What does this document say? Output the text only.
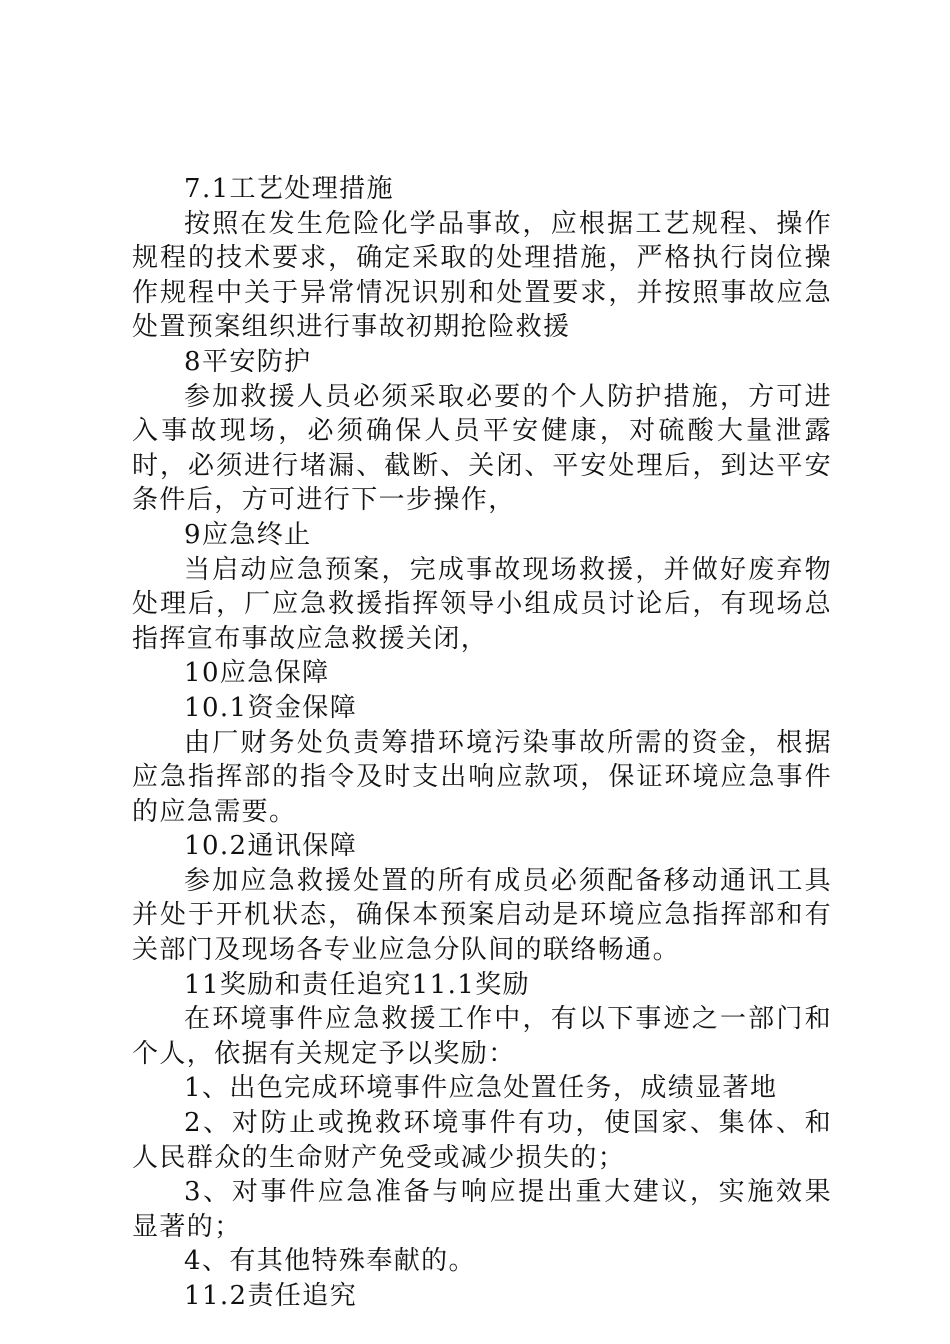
7.1工艺处理措施

按照在发生危险化学品事故，应根据工艺规程、操作规程的技术要求，确定采取的处理措施，严格执行岗位操作规程中关于异常情况识别和处置要求，并按照事故应急处置预案组织进行事故初期抢险救援

8平安防护

参加救援人员必须采取必要的个人防护措施，方可进入事故现场，必须确保人员平安健康，对硫酸大量泄露时，必须进行堵漏、截断、关闭、平安处理后，到达平安条件后，方可进行下一步操作，

9应急终止

当启动应急预案，完成事故现场救援，并做好废弃物处理后，厂应急救援指挥领导小组成员讨论后，有现场总指挥宣布事故应急救援关闭，

10应急保障

10.1资金保障

由厂财务处负责筹措环境污染事故所需的资金，根据应急指挥部的指令及时支出响应款项，保证环境应急事件的应急需要。

10.2通讯保障

参加应急救援处置的所有成员必须配备移动通讯工具并处于开机状态，确保本预案启动是环境应急指挥部和有关部门及现场各专业应急分队间的联络畅通。

11奖励和责任追究11.1奖励

在环境事件应急救援工作中，有以下事迹之一部门和个人，依据有关规定予以奖励：

1、出色完成环境事件应急处置任务，成绩显著地

2、对防止或挽救环境事件有功，使国家、集体、和人民群众的生命财产免受或减少损失的；

3、对事件应急准备与响应提出重大建议，实施效果显著的；

4、有其他特殊奉献的。

11.2责任追究
